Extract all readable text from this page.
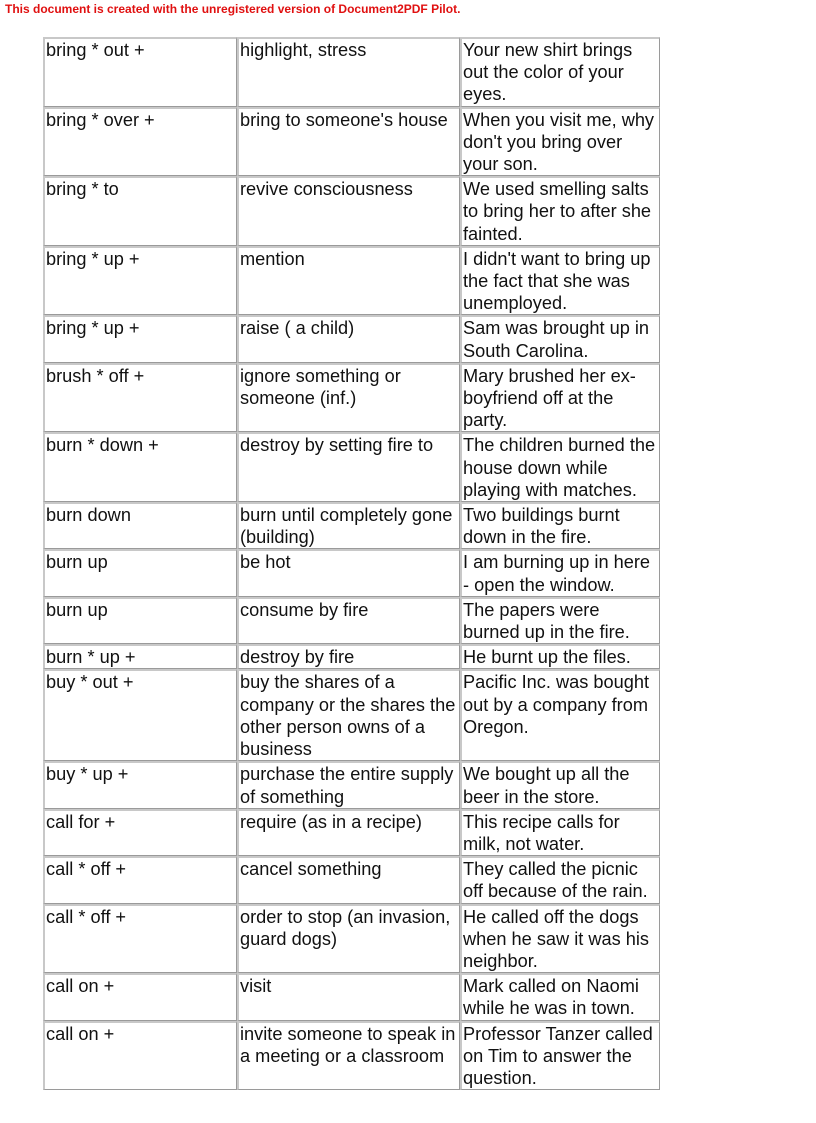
This document is created with the unregistered version of Document2PDF Pilot.
bring * out +	highlight, stress	Your new shirt brings out the color of your eyes.
bring * over +	bring to someone's house	When you visit me, why don't you bring over your son.
bring * to	revive consciousness	We used smelling salts to bring her to after she fainted.
bring * up +	mention	I didn't want to bring up the fact that she was unemployed.
bring * up +	raise ( a child)	Sam was brought up in South Carolina.
brush * off +	ignore something or someone (inf.)	Mary brushed her ex-boyfriend off at the party.
burn * down +	destroy by setting fire to	The children burned the house down while playing with matches.
burn down	burn until completely gone (building)	Two buildings burnt down in the fire.
burn up	be hot	I am burning up in here - open the window.
burn up	consume by fire	The papers were burned up in the fire.
burn * up +	destroy by fire	He burnt up the files.
buy * out +	buy the shares of a company or the shares the other person owns of a business	Pacific Inc. was bought out by a company from Oregon.
buy * up +	purchase the entire supply of something	We bought up all the beer in the store.
call for +	require (as in a recipe)	This recipe calls for milk, not water.
call * off +	cancel something	They called the picnic off because of the rain.
call * off +	order to stop (an invasion, guard dogs)	He called off the dogs when he saw it was his neighbor.
call on +	visit	Mark called on Naomi while he was in town.
call on +	invite someone to speak in a meeting or a classroom	Professor Tanzer called on Tim to answer the question.
